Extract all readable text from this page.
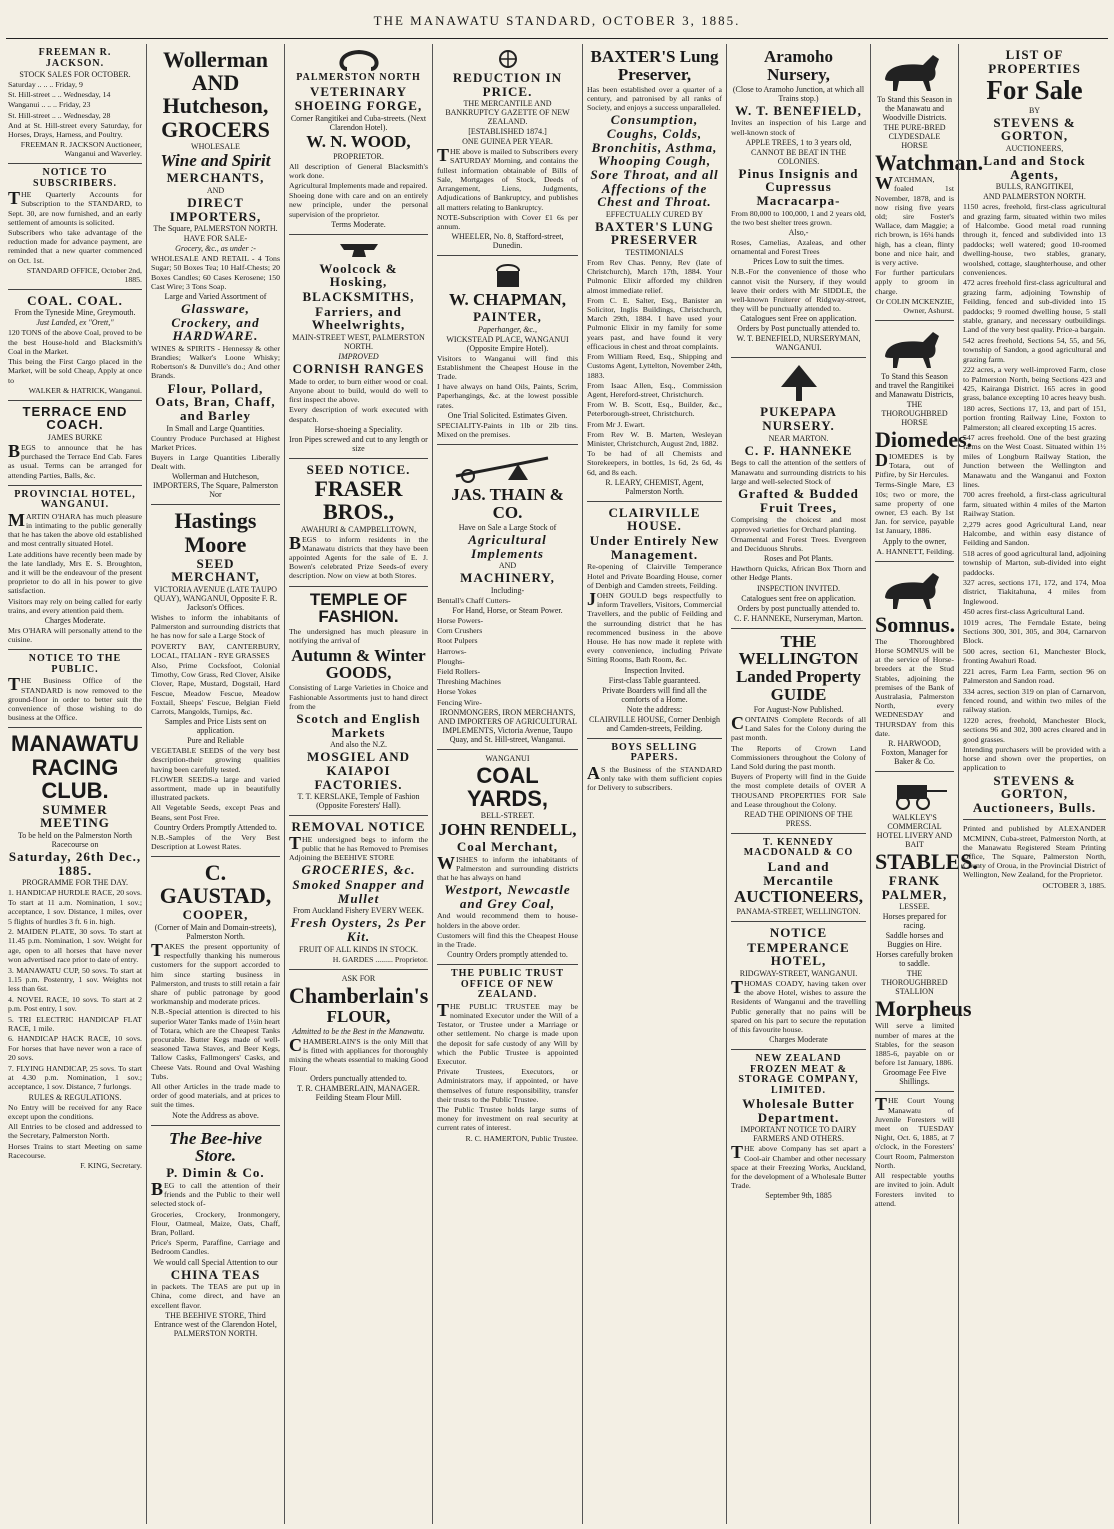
THE MANAWATU STANDARD, OCTOBER 3, 1885.
FREEMAN R. JACKSON.
STOCK SALES FOR OCTOBER.
Saturday .. .. .. Friday, 9
St. Hill-street .. .. Wednesday, 14
Wanganui .. .. .. Friday, 23
St. Hill-street .. .. Wednesday, 28
And at St. Hill-street every Saturday, for Horses, Drays, Harness, and Poultry.
FREEMAN R. JACKSON Auctioneer, Wanganui and Waverley.
NOTICE TO SUBSCRIBERS.
THE Quarterly Accounts for Subscription to the STANDARD, to Sept. 30, are now furnished, and an early settlement of amounts is solicited.
Subscribers who take advantage of the reduction made for advance payment, are reminded that a new quarter commenced on Oct. 1st.
STANDARD OFFICE, October 2nd, 1885.
COAL. COAL.
From the Tyneside Mine, Greymouth.
Just Landed, ex "Orett,"
120 TONS of the above Coal, proved to be the best House-hold and Blacksmith's Coal in the Market.
This being the First Cargo placed in the Market, will be sold Cheap, Apply at once to
WALKER & HATRICK, Wanganui.
TERRACE END COACH.
JAMES BURKE
BEGS to announce that he has purchased the Terrace End Cab. Fares as usual. Terms can be arranged for attending Parties, Balls, &c.
PROVINCIAL HOTEL, WANGANUI.
MARTIN O'HARA has much pleasure in intimating to the public generally that he has taken the above old established and most centrally situated Hotel.
Late additions have recently been made by the late landlady, Mrs E. S. Broughton, and it will be the endeavour of the present proprietor to do all in his power to give satisfaction.
Visitors may rely on being called for early trains, and every attention paid them.
Charges Moderate.
Mrs O'HARA will personally attend to the cuisine.
NOTICE TO THE PUBLIC.
THE Business Office of the STANDARD is now removed to the ground-floor in order to better suit the convenience of those wishing to do business at the Office.
MANAWATU RACING CLUB.
SUMMER MEETING
To be held on the Palmerston North Racecourse on
Saturday, 26th Dec., 1885.
PROGRAMME FOR THE DAY.
1. HANDICAP HURDLE RACE, 20 sovs. To start at 11 a.m. Nomination, 1 sov.; acceptance, 1 sov. Distance, 1 miles, over 5 flights of hurdles 3 ft. 6 in. high.
2. MAIDEN PLATE, 30 sovs. To start at 11.45 p.m. Nomination, 1 sov. Weight for age, open to all horses that have never won advertised race prior to date of entry.
3. MANAWATU CUP, 50 sovs. To start at 1.15 p.m. Postentry, 1 sov. Weights not less than 6st.
4. NOVEL RACE, 10 sovs. To start at 2 p.m. Post entry, 1 sov.
5. TRI ELECTRIC HANDICAP FLAT RACE, 1 mile.
6. HANDICAP HACK RACE, 10 sovs. For horses that have never won a race of 20 sovs.
7. FLYING HANDICAP, 25 sovs. To start at 4.30 p.m. Nomination, 1 sov.; acceptance, 1 sov. Distance, 7 furlongs.
RULES & REGULATIONS.
No Entry will be received for any Race except upon the conditions.
All Entries to be closed and addressed to the Secretary, Palmerston North.
Horses Trains to start Meeting on same Racecourse.
F. KING, Secretary.
Wollerman AND Hutcheson,
GROCERS
WHOLESALE
Wine and Spirit
MERCHANTS,
AND
DIRECT IMPORTERS,
The Square, PALMERSTON NORTH.
HAVE FOR SALE-
Grocery, &c., as under :-
WHOLESALE AND RETAIL - 4 Tons Sugar; 50 Boxes Tea; 10 Half-Chests; 20 Boxes Candles; 60 Cases Kerosene; 150 Cast Wire; 3 Tons Soap.
Large and Varied Assortment of
Glassware, Crockery, and HARDWARE.
WINES & SPIRITS - Hennessy & other Brandies; Walker's Loone Whisky; Robertson's & Dunville's do.; And other Brands.
Flour, Pollard, Oats, Bran, Chaff, and Barley
In Small and Large Quantities.
Country Produce Purchased at Highest Market Prices.
Buyers in Large Quantities Liberally Dealt with.
Wollerman and Hutcheson, IMPORTERS, The Square, Palmerston Nor
Hastings Moore
SEED MERCHANT,
VICTORIA AVENUE (LATE TAUPO QUAY), WANGANUI, Opposite F. R. Jackson's Offices.
Wishes to inform the inhabitants of Palmerston and surrounding districts that he has now for sale a Large Stock of
POVERTY BAY, CANTERBURY, LOCAL, ITALIAN - RYE GRASSES
Also, Prime Cocksfoot, Colonial Timothy, Cow Grass, Red Clover, Alsike Clover, Rape, Mustard, Dogstail, Hard Fescue, Meadow Fescue, Meadow Foxtail, Sheeps' Fescue, Belgian Field Carrots, Mangolds, Turnips, &c.
Samples and Price Lists sent on application.
Pure and Reliable
VEGETABLE SEEDS of the very best description-their growing qualities having been carefully tested.
FLOWER SEEDS-a large and varied assortment, made up in beautifully illustrated packets.
All Vegetable Seeds, except Peas and Beans, sent Post Free.
Country Orders Promptly Attended to.
N.B.-Samples of the Very Best Description at Lowest Rates.
C. GAUSTAD,
COOPER,
(Corner of Main and Domain-streets), Palmerston North.
TAKES the present opportunity of respectfully thanking his numerous customers for the support accorded to him since starting business in Palmerston, and trusts to still retain a fair share of public patronage by good workmanship and moderate prices.
N.B.-Special attention is directed to his superior Water Tanks made of 1½in heart of Totara, which are the Cheapest Tanks procurable. Butter Kegs made of well-seasoned Tawa Staves, and Beer Kegs, Tallow Casks, Fallmongers' Casks, and Cheese Vats. Round and Oval Washing Tubs.
All other Articles in the trade made to order of good materials, and at prices to suit the times.
Note the Address as above.
The Bee-hive Store.
P. Dimin & Co.
BEG to call the attention of their friends and the Public to their well selected stock of-
Groceries, Crockery, Ironmongery, Flour, Oatmeal, Maize, Oats, Chaff, Bran, Pollard.
Price's Sperm, Paraffine, Carriage and Bedroom Candles.
We would call Special Attention to our
CHINA TEAS
in packets. The TEAS are put up in China, come direct, and have an excellent flavor.
THE BEEHIVE STORE, Third Entrance west of the Clarendon Hotel, PALMERSTON NORTH.
PALMERSTON NORTH
VETERINARY
SHOEING FORGE,
Corner Rangitikei and Cuba-streets. (Next Clarendon Hotel).
W. N. WOOD,
PROPRIETOR.
All description of General Blacksmith's work done.
Agricultural Implements made and repaired.
Shoeing done with care and on an entirely new principle, under the personal supervision of the proprietor.
Terms Moderate.
Woolcock & Hosking,
BLACKSMITHS,
Farriers, and Wheelwrights,
MAIN-STREET WEST, PALMERSTON NORTH.
IMPROVED
CORNISH RANGES
Made to order, to burn either wood or coal. Anyone about to build, would do well to first inspect the above.
Every description of work executed with despatch.
Horse-shoeing a Speciality.
Iron Pipes screwed and cut to any length or size
SEED NOTICE.
FRASER BROS.,
AWAHURI & CAMPBELLTOWN,
BEGS to inform residents in the Manawatu districts that they have been appointed Agents for the sale of E. J. Bowen's celebrated Prize Seeds-of every description. Now on view at both Stores.
TEMPLE OF FASHION.
The undersigned has much pleasure in notifying the arrival of
Autumn & Winter GOODS,
Consisting of Large Varieties in Choice and Fashionable Assortments just to hand direct from the
Scotch and English Markets
And also the N.Z.
MOSGIEL AND KAIAPOI FACTORIES.
T. T. KERSLAKE, Temple of Fashion (Opposite Foresters' Hall).
REMOVAL NOTICE
THE undersigned begs to inform the public that he has Removed to Premises Adjoining the BEEHIVE STORE
GROCERIES, &c.
Smoked Snapper and Mullet
From Auckland Fishery EVERY WEEK.
Fresh Oysters, 2s Per Kit.
FRUIT OF ALL KINDS IN STOCK.
H. GARDES ......... Proprietor.
ASK FOR
Chamberlain's
FLOUR,
Admitted to be the Best in the Manawatu.
CHAMBERLAIN'S is the only Mill that is fitted with appliances for thoroughly mixing the wheats essential to making Good Flour.
Orders punctually attended to.
T. R. CHAMBERLAIN, MANAGER. Feilding Steam Flour Mill.
REDUCTION IN PRICE.
THE MERCANTILE AND BANKRUPTCY GAZETTE OF NEW ZEALAND.
[ESTABLISHED 1874.]
ONE GUINEA PER YEAR.
THE above is mailed to Subscribers every SATURDAY Morning, and contains the fullest information obtainable of Bills of Sale, Mortgages of Stock, Deeds of Arrangement, Liens, Judgments, Adjudications of Bankruptcy, and publishes all matters relating to Bankruptcy.
NOTE-Subscription with Cover £1 6s per annum.
WHEELER, No. 8, Stafford-street, Dunedin.
W. CHAPMAN,
PAINTER,
Paperhanger, &c.,
WICKSTEAD PLACE, WANGANUI (Opposite Empire Hotel).
Visitors to Wanganui will find this Establishment the Cheapest House in the Trade.
I have always on hand Oils, Paints, Scrim, Paperhangings, &c. at the lowest possible rates.
One Trial Solicited. Estimates Given.
SPECIALITY-Paints in 1lb or 2lb tins. Mixed on the premises.
JAS. THAIN & CO.
Have on Sale a Large Stock of
Agricultural Implements
AND
MACHINERY,
Including-
Bentall's Chaff Cutters-
For Hand, Horse, or Steam Power.
Horse Powers-
Corn Crushers
Root Pulpers
Harrows-
Ploughs-
Field Rollers-
Threshing Machines
Horse Yokes
Fencing Wire-
IRONMONGERS, IRON MERCHANTS, AND IMPORTERS OF AGRICULTURAL IMPLEMENTS, Victoria Avenue, Taupo Quay, and St. Hill-street, Wanganui.
WANGANUI
COAL YARDS,
BELL-STREET.
JOHN RENDELL,
Coal Merchant,
WISHES to inform the inhabitants of Palmerston and surrounding districts that he has always on hand
Westport, Newcastle and Grey Coal,
And would recommend them to house-holders in the above order.
Customers will find this the Cheapest House in the Trade.
Country Orders promptly attended to.
THE PUBLIC TRUST OFFICE OF NEW ZEALAND.
THE PUBLIC TRUSTEE may be nominated Executor under the Will of a Testator, or Trustee under a Marriage or other settlement. No charge is made upon the deposit for safe custody of any Will by which the Public Trustee is appointed Executor.
Private Trustees, Executors, or Administrators may, if appointed, or have themselves of future responsibility, transfer their trusts to the Public Trustee.
The Public Trustee holds large sums of money for investment on real security at current rates of interest.
R. C. HAMERTON, Public Trustee.
BAXTER'S Lung Preserver,
Has been established over a quarter of a century, and patronised by all ranks of Society, and enjoys a success unparalleled.
Consumption, Coughs, Colds, Bronchitis, Asthma, Whooping Cough, Sore Throat, and all Affections of the Chest and Throat.
EFFECTUALLY CURED BY
BAXTER'S LUNG PRESERVER
TESTIMONIALS
From Rev Chas. Penny, Rev (late of Christchurch), March 17th, 1884. Your Pulmonic Elixir afforded my children almost immediate relief.
From C. E. Salter, Esq., Banister an Solicitor, Inglis Buildings, Christchurch, March 29th, 1884. I have used your Pulmonic Elixir in my family for some years past, and have found it very efficacious in chest and throat complaints.
From William Reed, Esq., Shipping and Customs Agent, Lyttelton, November 24th, 1883.
From Isaac Allen, Esq., Commission Agent, Hereford-street, Christchurch.
From W. B. Scott, Esq., Builder, &c., Peterborough-street, Christchurch.
From Mr J. Ewart.
From Rev W. B. Marten, Wesleyan Minister, Christchurch, August 2nd, 1882.
To be had of all Chemists and Storekeepers, in bottles, 1s 6d, 2s 6d, 4s 6d, and 8s each.
R. LEARY, CHEMIST, Agent, Palmerston North.
CLAIRVILLE HOUSE.
Under Entirely New Management.
Re-opening of Clairville Temperance Hotel and Private Boarding House, corner of Denbigh and Camden streets, Feilding.
JOHN GOULD begs respectfully to inform Travellers, Visitors, Commercial Travellers, and the public of Feilding and the surrounding district that he has recommenced business in the above House. He has now made it replete with every convenience, including Private Sitting Rooms, Bath Room, &c.
Inspection Invited.
First-class Table guaranteed.
Private Boarders will find all the comforts of a Home.
Note the address:
CLAIRVILLE HOUSE, Corner Denbigh and Camden-streets, Feilding.
BOYS SELLING PAPERS.
AS the Business of the STANDARD only take with them sufficient copies for Delivery to subscribers.
Aramoho Nursery,
(Close to Aramoho Junction, at which all Trains stop.)
W. T. BENEFIELD,
Invites an inspection of his Large and well-known stock of
APPLE TREES, 1 to 3 years old,
CANNOT BE BEAT IN THE COLONIES.
Pinus Insignis and Cupressus Macracarpa-
From 80,000 to 100,000, 1 and 2 years old, the two best shelter trees grown.
Also,-
Roses, Camelias, Azaleas, and other ornamental and Forest Trees
Prices Low to suit the times.
N.B.-For the convenience of those who cannot visit the Nursery, if they would leave their orders with Mr SIDDLE, the well-known Fruiterer of Ridgway-street, they will be punctually attended to.
Catalogues sent Free on application.
Orders by Post punctually attended to.
W. T. BENEFIELD, NURSERYMAN, WANGANUI.
PUKEPAPA NURSERY.
NEAR MARTON.
C. F. HANNEKE
Begs to call the attention of the settlers of Manawatu and surrounding districts to his large and well-selected Stock of
Grafted & Budded Fruit Trees,
Comprising the choicest and most approved varieties for Orchard planting.
Ornamental and Forest Trees. Evergreen and Deciduous Shrubs.
Roses and Pot Plants.
Hawthorn Quicks, African Box Thorn and other Hedge Plants.
INSPECTION INVITED.
Catalogues sent free on application.
Orders by post punctually attended to.
C. F. HANNEKE, Nurseryman, Marton.
THE WELLINGTON Landed Property GUIDE
For August-Now Published.
CONTAINS Complete Records of all Land Sales for the Colony during the past month.
The Reports of Crown Land Commissioners throughout the Colony of Land Sold during the past month.
Buyers of Property will find in the Guide the most complete details of OVER A THOUSAND PROPERTIES FOR Sale and Lease throughout the Colony.
READ THE OPINIONS OF THE PRESS.
T. KENNEDY MACDONALD & CO
Land and Mercantile
AUCTIONEERS,
PANAMA-STREET, WELLINGTON.
NOTICE
TEMPERANCE HOTEL,
RIDGWAY-STREET, WANGANUI.
THOMAS COADY, having taken over the above Hotel, wishes to assure the Residents of Wanganui and the travelling Public generally that no pains will be spared on his part to secure the reputation of this favourite house.
Charges Moderate
NEW ZEALAND FROZEN MEAT & STORAGE COMPANY, LIMITED.
Wholesale Butter Department.
IMPORTANT NOTICE TO DAIRY FARMERS AND OTHERS.
THE above Company has set apart a Cool-air Chamber and other necessary space at their Freezing Works, Auckland, for the development of a Wholesale Butter Trade.
September 9th, 1885
To Stand this Season in the Manawatu and Woodville Districts.
THE PURE-BRED CLYDESDALE HORSE
Watchman.
WATCHMAN, foaled 1st November, 1878, and is now rising five years old; sire Foster's Wallace, dam Maggie; a rich brown, is 16¼ hands high, has a clean, flinty bone and nice hair, and is very active.
For further particulars apply to groom in charge.
Or COLIN MCKENZIE, Owner, Ashurst.
To Stand this Season and travel the Rangitikei and Manawatu Districts,
THE THOROUGHBRED HORSE
Diomedes.
DIOMEDES is by Totara, out of Pitfire, by Sir Hercules.
Terms-Single Mare, £3 10s; two or more, the same property of one owner, £3 each. By 1st Jan. for service, payable 1st January, 1886.
Apply to the owner,
A. HANNETT, Feilding.
Somnus.
The Thoroughbred Horse SOMNUS will be at the service of Horse-breeders at the Stud Stables, adjoining the premises of the Bank of Australasia, Palmerston North, every WEDNESDAY and THURSDAY from this date.
R. HARWOOD, Foxton, Manager for Baker & Co.
WALKLEY'S COMMERCIAL HOTEL LIVERY AND BAIT
STABLES.
FRANK PALMER,
LESSEE.
Horses prepared for racing.
Saddle horses and Buggies on Hire.
Horses carefully broken to saddle.
THE THOROUGHBRED STALLION
Morpheus
Will serve a limited number of mares at the Stables, for the season 1885-6, payable on or before 1st January, 1886.
Groomage Fee Five Shillings.
THE Court Young Manawatu of Juvenile Foresters will meet on TUESDAY Night, Oct. 6, 1885, at 7 o'clock, in the Foresters' Court Room, Palmerston North.
All respectable youths are invited to join. Adult Foresters invited to attend.
LIST OF PROPERTIES
For Sale
BY
STEVENS & GORTON,
AUCTIONEERS,
Land and Stock Agents,
BULLS, RANGITIKEI,
AND PALMERSTON NORTH.
1150 acres, freehold, first-class agricultural and grazing farm, situated within two miles of Halcombe. Good metal road running through it, fenced and subdivided into 13 paddocks; well watered; good 10-roomed dwelling-house, two stables, granary, woolshed, cottage, slaughterhouse, and other conveniences.
472 acres freehold first-class agricultural and grazing farm, adjoining Township of Feilding, fenced and sub-divided into 15 paddocks; 9 roomed dwelling house, 5 stall stable, granary, and necessary outbuildings. Land of the very best quality. Price-a bargain.
542 acres freehold, Sections 54, 55, and 56, township of Sandon, a good agricultural and grazing farm.
222 acres, a very well-improved Farm, close to Palmerston North, being Sections 423 and 425, Kairanga District. 165 acres in good grass, balance excepting 10 acres heavy bush.
180 acres, Sections 17, 13, and part of 151, portion fronting Railway Line, Foxton to Palmerston; all cleared excepting 15 acres.
547 acres freehold. One of the best grazing farms on the West Coast. Situated within 1½ miles of Longburn Railway Station, the Junction between the Wellington and Manawatu and the Wanganui and Foxton lines.
700 acres freehold, a first-class agricultural farm, situated within 4 miles of the Marton Railway Station.
2,279 acres good Agricultural Land, near Halcombe, and within easy distance of Feilding and Sandon.
518 acres of good agricultural land, adjoining township of Marton, sub-divided into eight paddocks.
327 acres, sections 171, 172, and 174, Moa district, Tiakitahuna, 4 miles from Inglewood.
450 acres first-class Agricultural Land.
1019 acres, The Ferndale Estate, being Sections 300, 301, 305, and 304, Carnarvon Block.
500 acres, section 61, Manchester Block, fronting Awahuri Road.
221 acres, Farm Lea Farm, section 96 on Palmerston and Sandon road.
334 acres, section 319 on plan of Carnarvon, fenced round, and within two miles of the railway station.
1220 acres, freehold, Manchester Block, sections 96 and 302, 300 acres cleared and in good grasses.
Intending purchasers will be provided with a horse and shown over the properties, on application to
STEVENS & GORTON, Auctioneers, Bulls.
Printed and published by ALEXANDER MCMINN, Cuba-street, Palmerston North, at the Manawatu Registered Steam Printing Office, The Square, Palmerston North, County of Oroua, in the Provincial District of Wellington, New Zealand, for the Proprietor.
OCTOBER 3, 1885.
